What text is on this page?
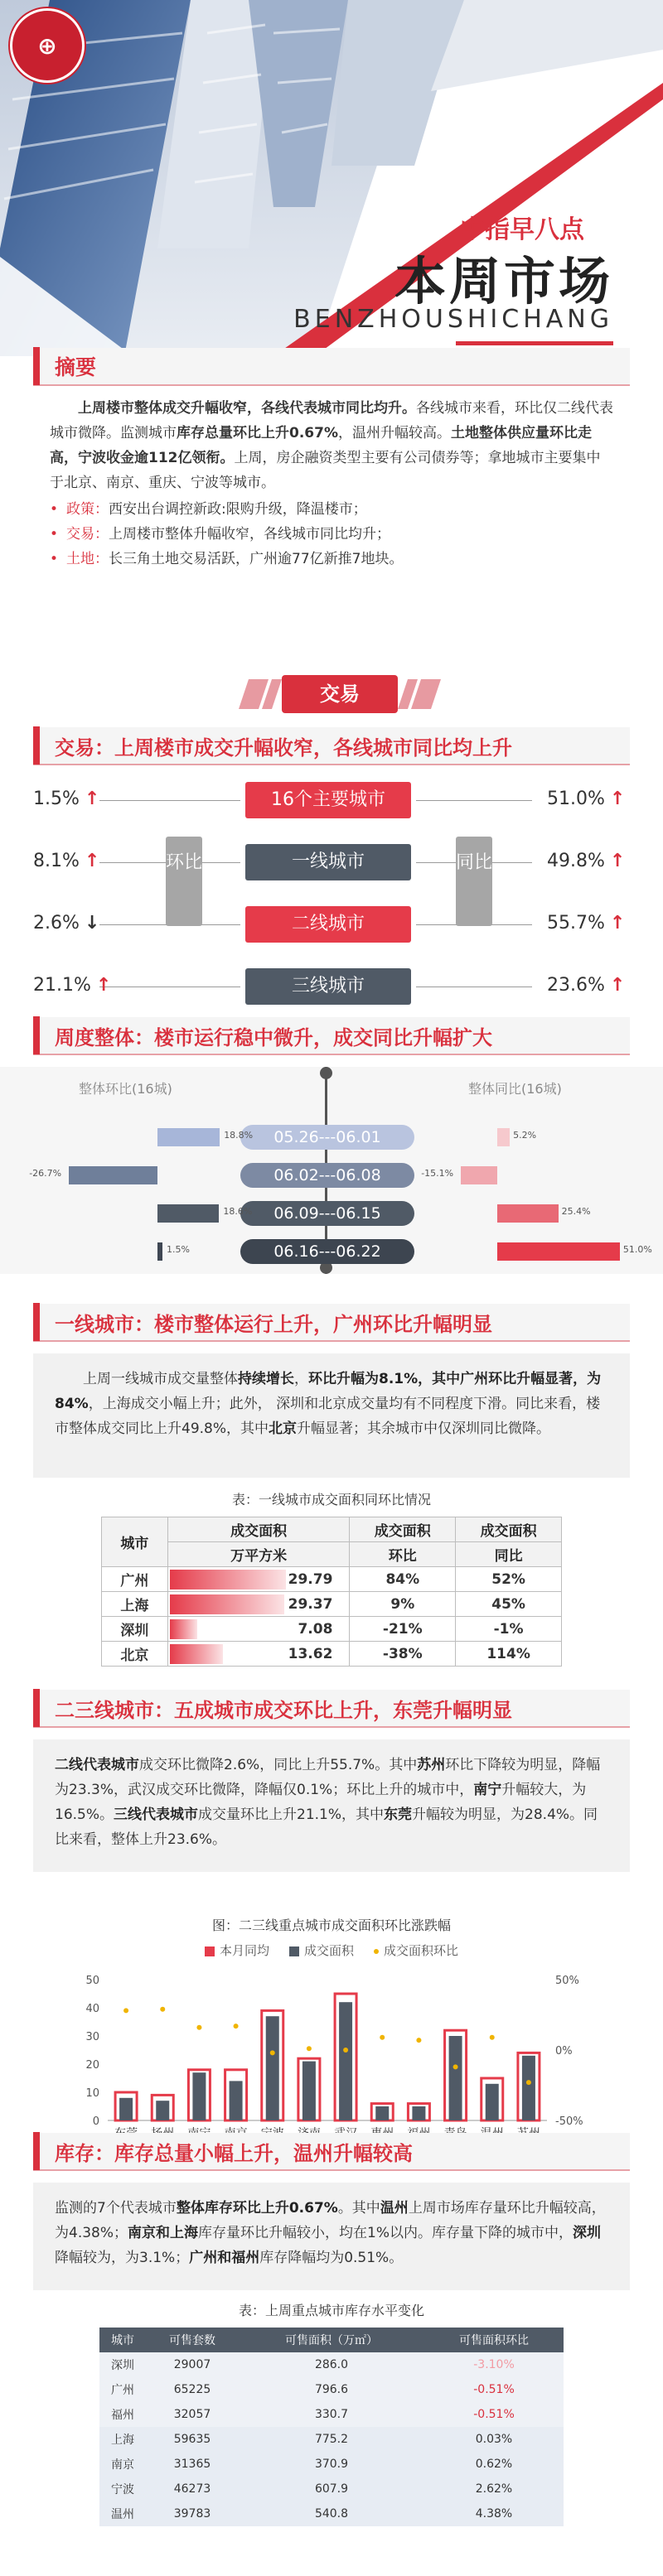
⊕
中指早八点
本周市场
BENZHOUSHICHANG
摘要

上周楼市整体成交升幅收窄，各线代表城市同比均升。各线城市来看，环比仅二线代表城市微降。监测城市库存总量环比上升0.67%，温州升幅较高。土地整体供应量环比走高，宁波收金逾112亿领衔。上周，房企融资类型主要有公司债券等；拿地城市主要集中于北京、南京、重庆、宁波等城市。

• 政策：西安出台调控新政:限购升级，降温楼市；
• 交易：上周楼市整体升幅收窄，各线城市同比均升；
• 土地：长三角土地交易活跃，广州逾77亿新推7地块。
交易
交易：上周楼市成交升幅收窄，各线城市同比均上升
16个主要城市
1.5% ↑	51.0% ↑
一线城市
8.1% ↑	49.8% ↑
二线城市
2.6% ↓	55.7% ↑
三线城市
21.1% ↑	23.6% ↑
环比	同比
周度整体：楼市运行稳中微升，成交同比升幅扩大
整体环比(16城)	整体同比(16城)
05.26---06.01
18.8%	5.2%
06.02---06.08
-26.7%	-15.1%
06.09---06.15
18.6%	25.4%
06.16---06.22
1.5%	51.0%
一线城市：楼市整体运行上升，广州环比升幅明显

上周一线城市成交量整体持续增长，环比升幅为8.1%，其中广州环比升幅显著，为84%，上海成交小幅上升；此外， 深圳和北京成交量均有不同程度下滑。同比来看，楼市整体成交同比上升49.8%，其中北京升幅显著；其余城市中仅深圳同比微降。

表：一线城市成交面积同环比情况
城市	成交面积	成交面积	成交面积
	万平方米	环比	同比
广州	29.79	84%	52%
上海	29.37	9%	45%
深圳	7.08	-21%	-1%
北京	13.62	-38%	114%
二三线城市：五成城市成交环比上升，东莞升幅明显

二线代表城市成交环比微降2.6%，同比上升55.7%。其中苏州环比下降较为明显，降幅为23.3%，武汉成交环比微降，降幅仅0.1%；环比上升的城市中，南宁升幅较大，为16.5%。三线代表城市成交量环比上升21.1%，其中东莞升幅较为明显，为28.4%。同比来看，整体上升23.6%。

图：二三线重点城市成交面积环比涨跌幅
本月同均	成交面积 成交面积环比
50
40
30
20
10
0
50%
0%
-50%
库存：库存总量小幅上升，温州升幅较高

监测的7个代表城市整体库存环比上升0.67%。其中温州上周市场库存量环比升幅较高，为4.38%；南京和上海库存量环比升幅较小，均在1%以内。库存量下降的城市中，深圳降幅较为，为3.1%；广州和福州库存降幅均为0.51%。

表：上周重点城市库存水平变化
城市	可售套数	可售面积（万㎡）	可售面积环比
深圳	29007	286.0	-3.10%
广州	65225	796.6	-0.51%
福州	32057	330.7	-0.51%
上海	59635	775.2	0.03%
南京	31365	370.9	0.62%
宁波	46273	607.9	2.62%
温州	39783	540.8	4.38%
